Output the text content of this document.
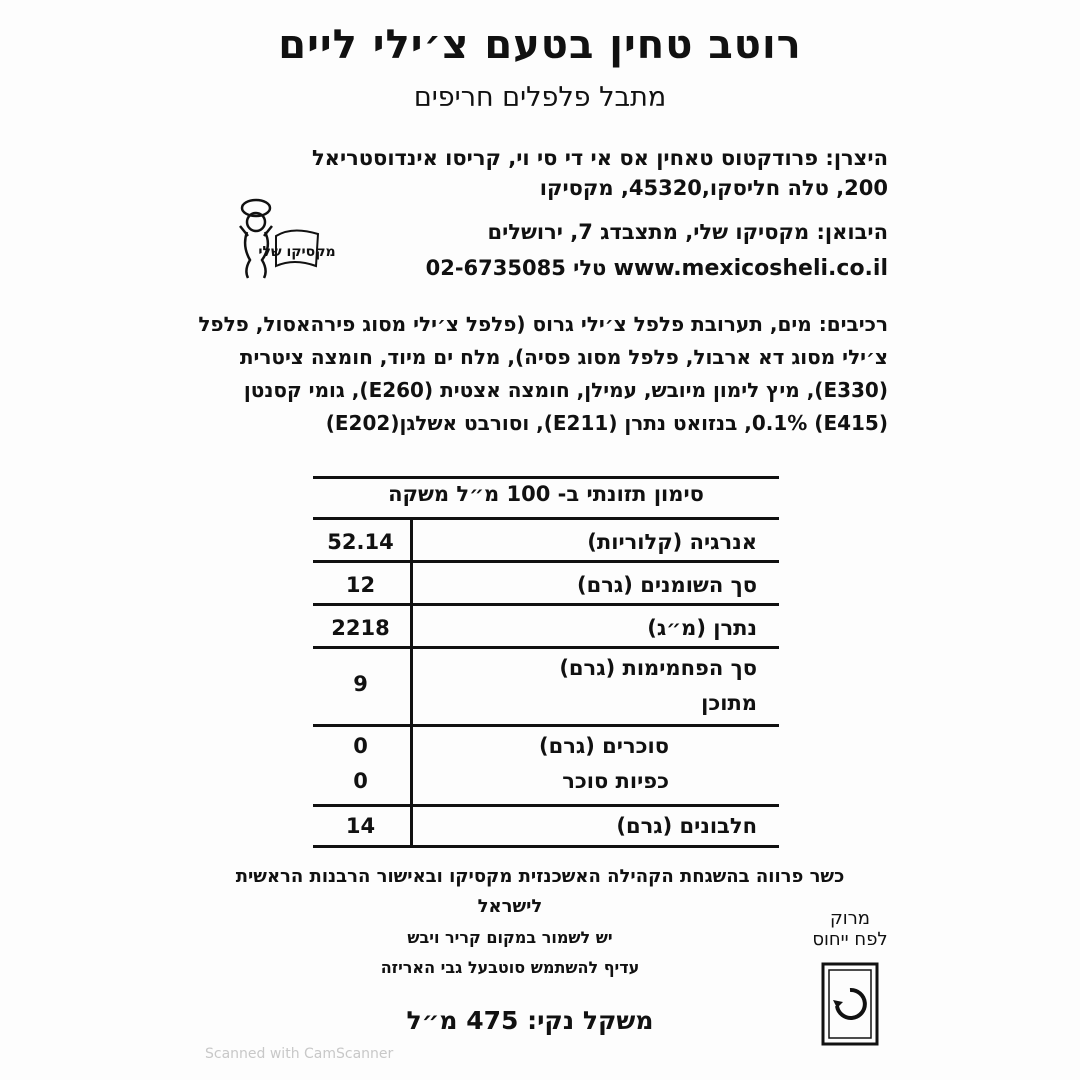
רוטב טחין בטעם צ׳ילי ליים
מתבל פלפלים חריפים
היצרן: פרודקטוס טאחין אס אי די סי וי, קריסו אינדוסטריאל
200, טלה חליסקו,45320, מקסיקו
מקסיקו שלי
היבואן: מקסיקו שלי, מתצבדג 7, ירושלים
02-6735085 טלי www.mexicosheli.co.il
רכיבים: מים, תערובת פלפל צ׳ילי גרוס (פלפל צ׳ילי מסוג פירהאסול, פלפל
צ׳ילי מסוג דא ארבול, פלפל מסוג פסיה), מלח ים מיוד, חומצה ציטרית
(E330), מיץ לימון מיובש, עמילן, חומצה אצטית (E260), גומי קסנטן
(E415) 0.1%, בנזואט נתרן (E211), וסורבט אשלגן(E202)
סימון תזונתי ב- 100 מ״ל משקה
אנרגיה (קלוריות)
52.14
סך השומנים (גרם)
12
נתרן (מ״ג)
2218
סך הפחמימות (גרם)
מתוכן
9
סוכרים (גרם)
0
כפיות סוכר
0
חלבונים (גרם)
14
כשר פרווה בהשגחת הקהילה האשכנזית מקסיקו ובאישור הרבנות הראשית
לישראל
יש לשמור במקום קריר ויבש
עדיף להשתמש סוטבעל גבי האריזה
משקל נקי: 475 מ״ל
מרוק
לפח ייחוס
Scanned with CamScanner
